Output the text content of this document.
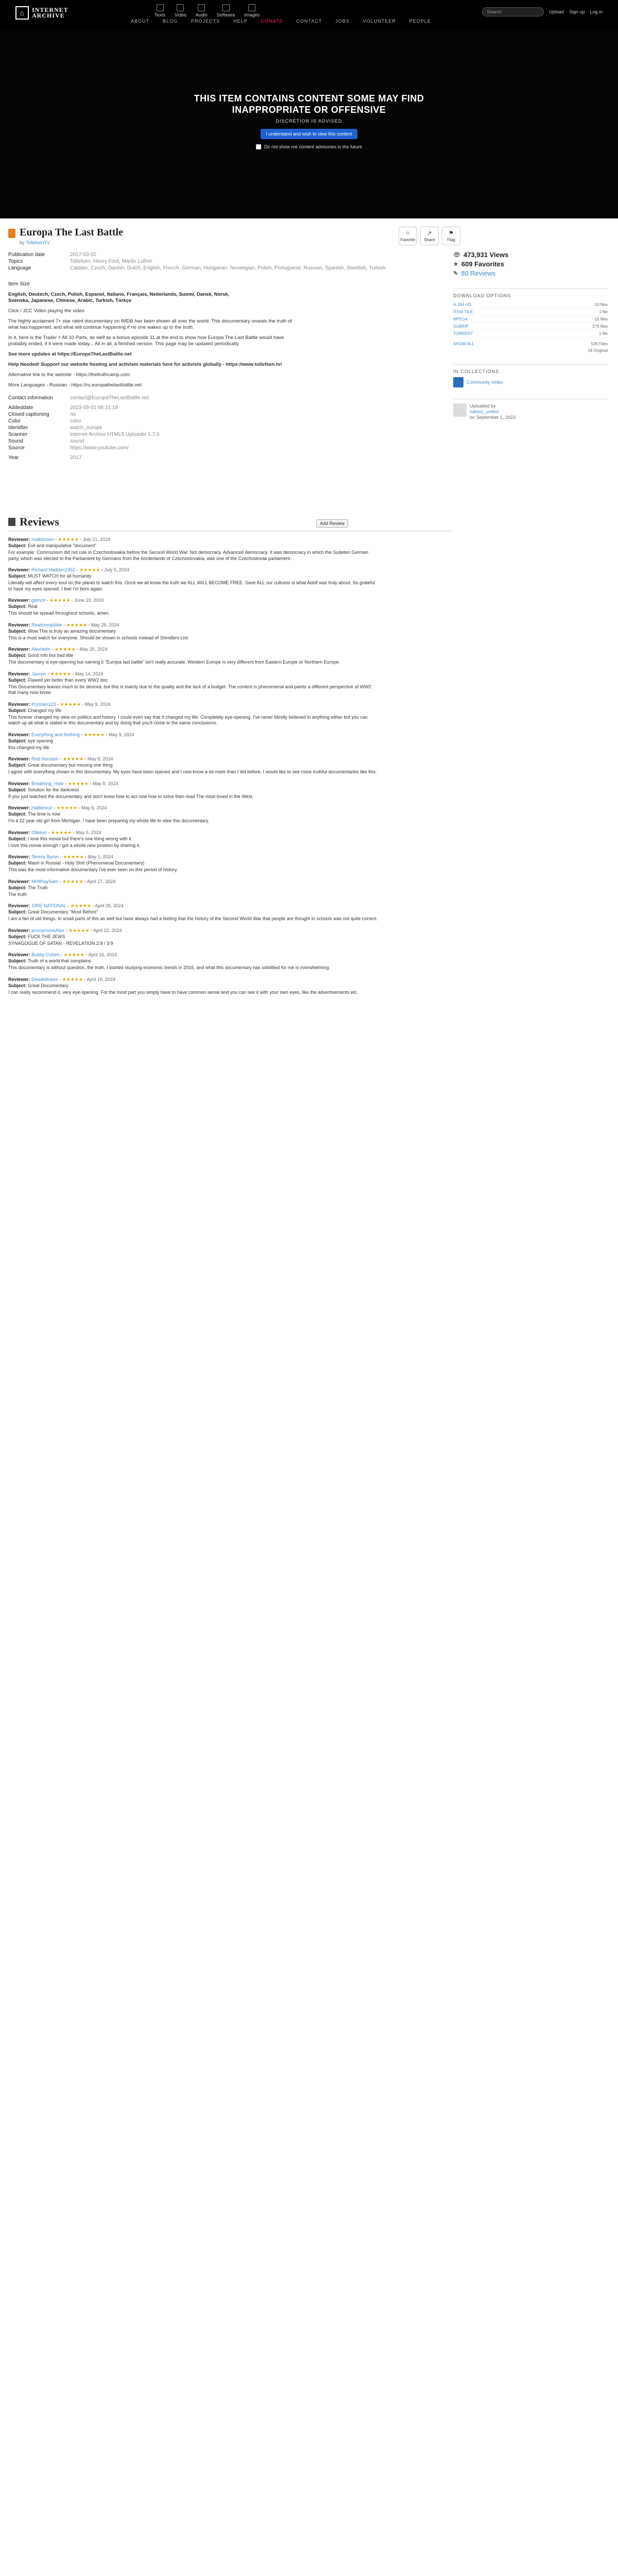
⌂	INTERNET
ARCHIVE	Texts Video Audio Software Images
Search	Upload Sign up Log in
ABOUT	BLOG	PROJECTS	HELP	DONATE	CONTACT	JOBS	VOLUNTEER	PEOPLE
THIS ITEM CONTAINS CONTENT SOME MAY FIND INAPPROPRIATE OR OFFENSIVE
DISCRETION IS ADVISED
I understand and wish to view this content
Do not show me content advisories in the future
Europa The Last Battle
by TollefsenTV
☆
Favorite
↗
Share
⚑
Flag
Publication date	2017-03-02
Topics	Tollefsen, Henry Ford, Martin Luther
Language	Catalan, Czech, Danish, Dutch, English, French, German, Hungarian, Norwegian, Polish, Portuguese, Russian, Spanish, Swedish, Turkish
Item Size
English, Deutsch, Czech, Polish, Espanol, Italiano, Français, Nederlands, Suomi, Dansk, Norsk, Svenska, Japanese, Chinese, Arabic, Turkish, Türkçe
Click / JCC Video playing the video
The highly acclaimed 7+ star rated documentary on IMDB has been shown all over the world. This documentary reveals the truth of what has happened, and what will continue happening if no one wakes up to the truth.
In it, here is the Trailer + All 10 Parts, as well as a bonus episode 11 at the end to show how Europa The Last Battle would have probably ended, if it were made today... All in all, a finished version. This page may be updated periodically.
See more updates at https://EuropaTheLastBattle.net
Help Needed! Support our website hosting and activism materials here for activists globally - https://www.tollefsen.tv/
Alternative link to the website - https://thetruthcamp.com
More Languages - Russian - https://ru.europathelastbattle.net
Contact information	contact@EuropaTheLastBattle.net
Addeddate	2023-09-01 06:21:19
Closed captioning	no
Color	color
Identifier	watch_europe
Scanner	Internet Archive HTML5 Uploader 1.7.0
Sound	sound
Source	https://www.youtube.com/
Year	2017
👁 473,931 Views
★ 609 Favorites
✎ 80 Reviews
DOWNLOAD OPTIONS
H.264 HD	10 files
ITEM TILE	1 file
MPEG4	10 files
SUBRIP	276 files
TORRENT	1 file
SHOW ALL	536 Files
18 Original
IN COLLECTIONS
Community Video
Uploaded by
natsoc_united
on September 1, 2023
Reviews	Add Review
Reviewer: maikbrown - ★★★★★ - July 21, 2024
Subject: Evil and manipulative "document"
For example: Communism did not rule in Czechoslovakia before the Second World War. Not democracy. Advanced democracy. It was democracy in which the Sudeten German party, which was elected to the Parliament by Germans from the borderlands of Czechoslovakia, was one of the Czechoslovak parliament.
Reviewer: Richard Haddon1952 - ★★★★★ - July 5, 2024
Subject: MUST WATCH for all humanity
Literally will affect every soul on the planet to watch this. Once we all know the truth we ALL WILL BECOME FREE. Save ALL our cultures is what Adolf was truly about. So grateful to have my eyes opened. I feel I'm born again.
Reviewer: gamcd - ★★★★★ - June 19, 2024
Subject: Real
This should be spread throughout schools, amen.
Reviewer: Realsmogiddie - ★★★★★ - May 26, 2024
Subject: Wow.This is truly an amazing documentary
This is a must watch for everyone. Should be shown in schools instead of Shindlers List.
Reviewer: Alexhelm - ★★★★★ - May 20, 2024
Subject: Good info but bad title
The documentary is eye-opening but naming it "Europa last battle" isn't really accurate. Western Europe is very different from Eastern Europe or Northern Europe.
Reviewer: Jaxxen - ★★★★★ - May 14, 2024
Subject: Flawed yet better than every WW2 doc
This Documentary leaves much to be desired, but this is mainly due to the quality and the lack of a budget. The content is phenomenal and paints a different perspective of WW2 that many now know.
Reviewer: Krystian123 - ★★★★★ - May 9, 2024
Subject: Changed my life
This forever changed my view on politics and history. I could even say that it changed my life. Completely eye-opening. I've never blindly believed in anything either but you can watch up all what is stated in this documentary and by doing that you'll come to the same conclusions.
Reviewer: Everything and Nothing - ★★★★★ - May 9, 2024
Subject: eye opening
this changed my life
Reviewer: Rod Houston - ★★★★★ - May 8, 2024
Subject: Great documentary but missing one thing
I agree with everything shown in this documentary. My eyes have been opened and I now know a lot more than I did before. I would like to see more truthful documentaries like this.
Reviewer: Breathing_Hate - ★★★★★ - May 8, 2024
Subject: Solution for the darkness
If you just watched the documentary and don't know how to act now how to solve then read The most loved in the West.
Reviewer: Halbkreuz - ★★★★★ - May 6, 2024
Subject: The time is now
I'm a 22 year old girl from Michigan. I have been preparing my whole life to view this documentary.
Reviewer: Olikeyo - ★★★★★ - May 5, 2024
Subject: I love this movie but there's one thing wrong with it
I love this movie enough I got a whole new position by sharing it.
Reviewer: Teresa Byron - ★★★★★ - May 1, 2024
Subject: Maori in Russia! - Holy Shit! (Phenomenal Documentary)
This was the most informative documentary I've ever seen on this period of history.
Reviewer: MrWhaySam - ★★★★★ - April 27, 2024
Subject: The Truth
The truth
Reviewer: SIRE NATIONAL - ★★★★★ - April 26, 2024
Subject: Great Documentary ''Must Before''
I am a fan of old things. In small parts of this as well but have always had a feeling that the history of the Second World War that people are thought in schools was not quite correct.
Reviewer: anonymousAlex - ★★★★★ - April 22, 2024
Subject: FUCK THE JEWS
SYNAGOGUE OF SATAN - REVELATION 2:9 / 3:9
Reviewer: Bobby Cohen - ★★★★★ - April 16, 2024
Subject: Truth of a world that complains
This documentary is without question, the truth. I started studying economic trends in 2016, and what this documentary has solidified for me is overwhelming.
Reviewer: Deadwitness - ★★★★★ - April 16, 2024
Subject: Great Documentary
I can really recommend it, very eye-opening. For the most part you simply have to have common sense and you can see it with your own eyes, like the advertisements etc.
